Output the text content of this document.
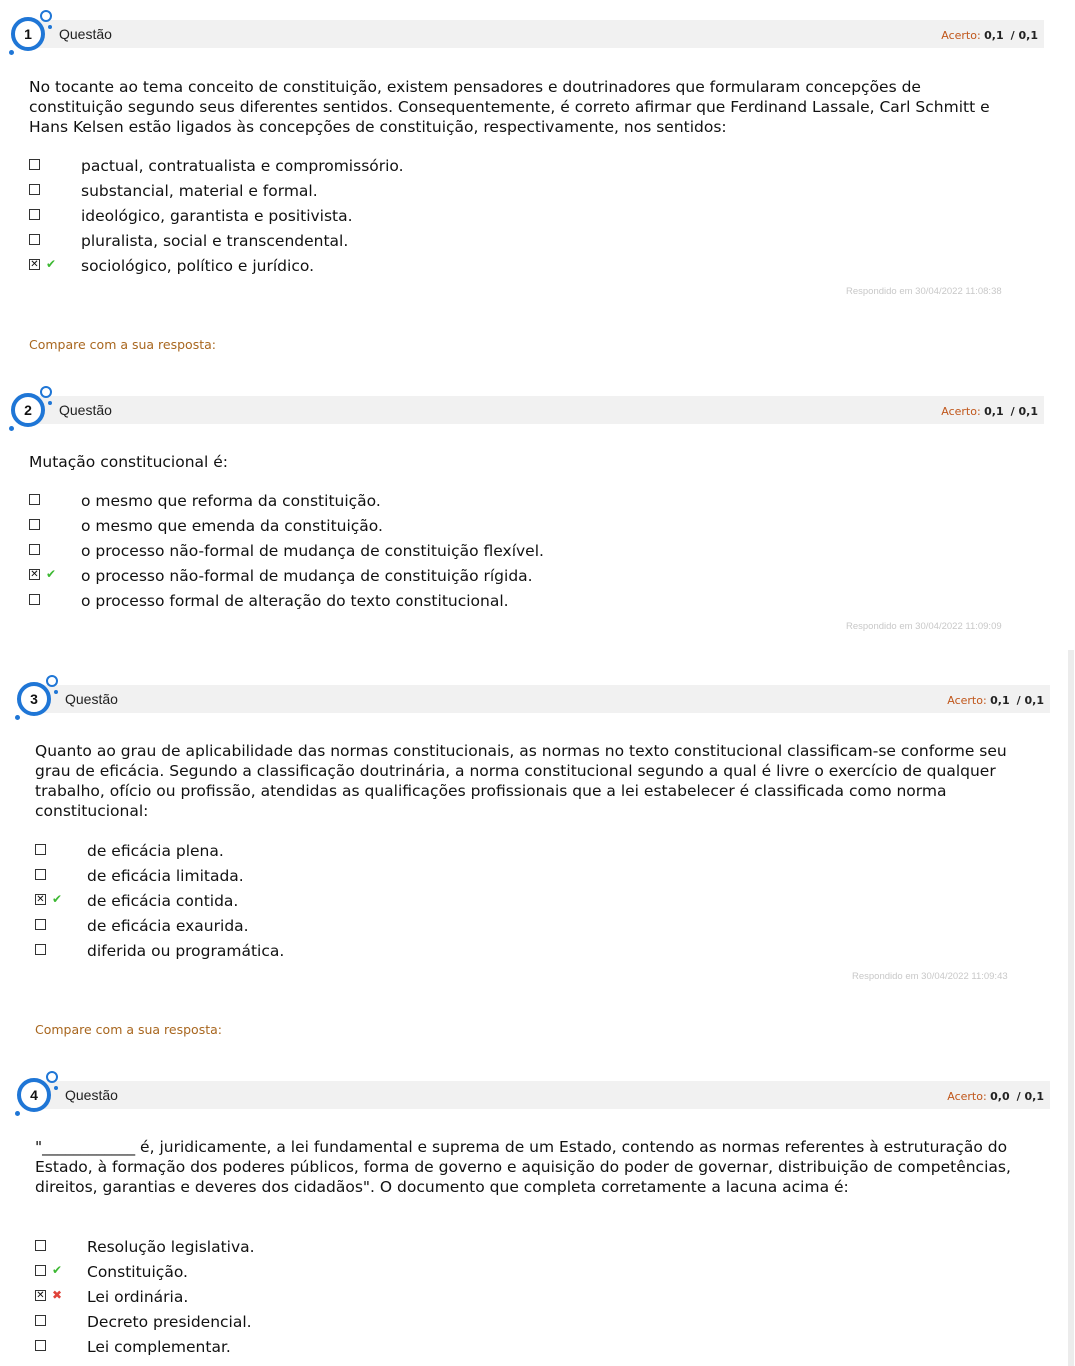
Questão	Acerto: 0,1 / 0,1
1
No tocante ao tema conceito de constituição, existem pensadores e doutrinadores que formularam concepções de constituição segundo seus diferentes sentidos. Consequentemente, é correto afirmar que Ferdinand Lassale, Carl Schmitt e Hans Kelsen estão ligados às concepções de constituição, respectivamente, nos sentidos:
pactual, contratualista e compromissório.
substancial, material e formal.
ideológico, garantista e positivista.
pluralista, social e transcendental.
✕ ✔ sociológico, político e jurídico.
Respondido em 30/04/2022 11:08:38
Compare com a sua resposta:
Questão	Acerto: 0,1 / 0,1
2
Mutação constitucional é:
o mesmo que reforma da constituição.
o mesmo que emenda da constituição.
o processo não-formal de mudança de constituição flexível.
✕ ✔ o processo não-formal de mudança de constituição rígida.
o processo formal de alteração do texto constitucional.
Respondido em 30/04/2022 11:09:09
Questão	Acerto: 0,1 / 0,1
3
Quanto ao grau de aplicabilidade das normas constitucionais, as normas no texto constitucional classificam-se conforme seu grau de eficácia. Segundo a classificação doutrinária, a norma constitucional segundo a qual é livre o exercício de qualquer trabalho, ofício ou profissão, atendidas as qualificações profissionais que a lei estabelecer é classificada como norma constitucional:
de eficácia plena.
de eficácia limitada.
✕ ✔ de eficácia contida.
de eficácia exaurida.
diferida ou programática.
Respondido em 30/04/2022 11:09:43
Compare com a sua resposta:
Questão	Acerto: 0,0 / 0,1
4
"____________ é, juridicamente, a lei fundamental e suprema de um Estado, contendo as normas referentes à estruturação do Estado, à formação dos poderes públicos, forma de governo e aquisição do poder de governar, distribuição de competências, direitos, garantias e deveres dos cidadãos". O documento que completa corretamente a lacuna acima é:
Resolução legislativa.
✔ Constituição.
✕ ✖ Lei ordinária.
Decreto presidencial.
Lei complementar.
